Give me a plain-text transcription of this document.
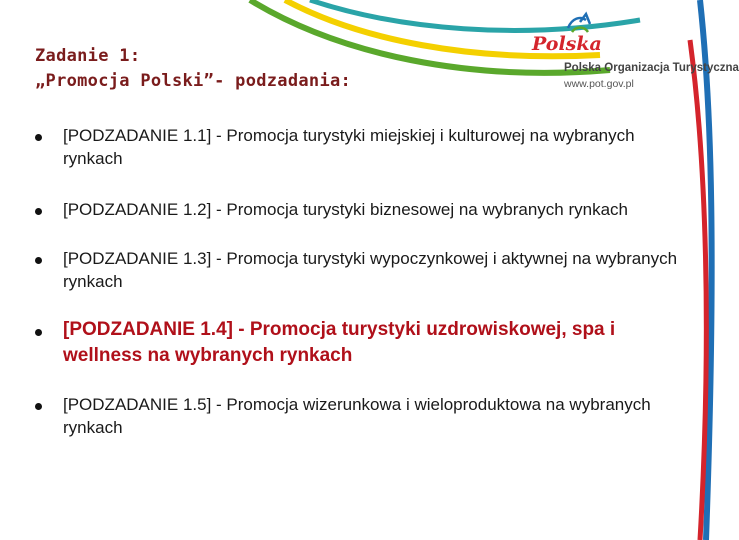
Zadanie 1:
„Promocja Polski”- podzadania:
Polska
Polska Organizacja Turystyczna
www.pot.gov.pl
[PODZADANIE 1.1] - Promocja turystyki miejskiej i kulturowej na wybranych rynkach
[PODZADANIE 1.2] - Promocja turystyki biznesowej na wybranych rynkach
[PODZADANIE 1.3] - Promocja turystyki wypoczynkowej i aktywnej na wybranych rynkach
[PODZADANIE 1.4] - Promocja turystyki uzdrowiskowej, spa i wellness na wybranych rynkach
[PODZADANIE 1.5] - Promocja wizerunkowa i wieloproduktowa na wybranych rynkach
